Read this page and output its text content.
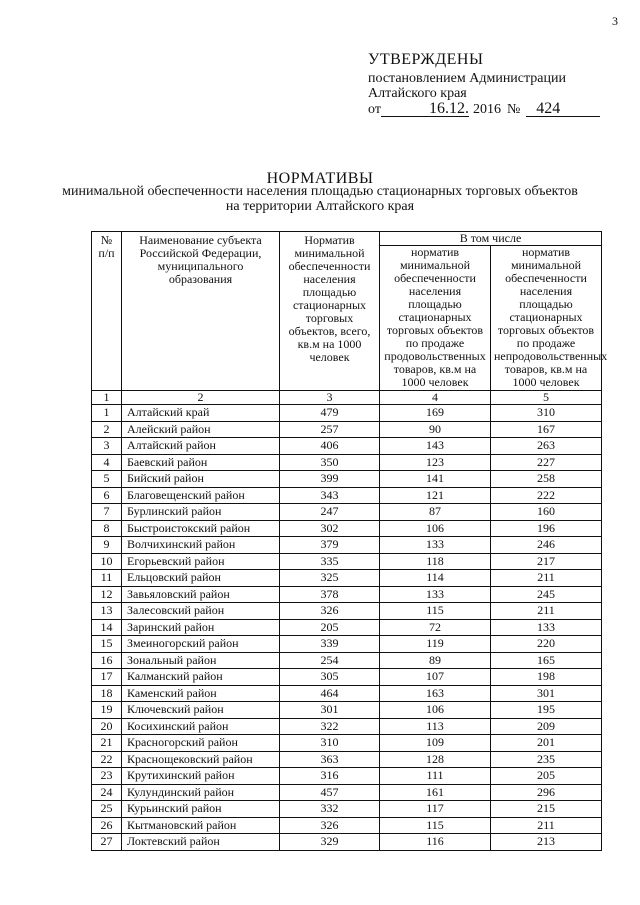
3
УТВЕРЖДЕНЫ
постановлением Администрации
Алтайского края
от	16.12. 2016 №	424
НОРМАТИВЫ
минимальной обеспеченности населения площадью стационарных торговых объектов на территории Алтайского края
№ п/п	Наименование субъекта Российской Федерации, муниципального образования	Норматив минимальной обеспеченности населения площадью стационарных торговых объектов, всего, кв.м на 1000 человек	В том числе	
			норматив минимальной обеспеченности населения площадью стационарных торговых объектов по продаже продовольственных товаров, кв.м на 1000 человек	норматив минимальной обеспеченности населения площадью стационарных торговых объектов по продаже непродовольственных товаров, кв.м на 1000 человек
1	2	3	4	5
1	Алтайский край	479	169	310
2	Алейский район	257	90	167
3	Алтайский район	406	143	263
4	Баевский район	350	123	227
5	Бийский район	399	141	258
6	Благовещенский район	343	121	222
7	Бурлинский район	247	87	160
8	Быстроистокский район	302	106	196
9	Волчихинский район	379	133	246
10	Егорьевский район	335	118	217
11	Ельцовский район	325	114	211
12	Завьяловский район	378	133	245
13	Залесовский район	326	115	211
14	Заринский район	205	72	133
15	Змеиногорский район	339	119	220
16	Зональный район	254	89	165
17	Калманский район	305	107	198
18	Каменский район	464	163	301
19	Ключевский район	301	106	195
20	Косихинский район	322	113	209
21	Красногорский район	310	109	201
22	Краснощековский район	363	128	235
23	Крутихинский район	316	111	205
24	Кулундинский район	457	161	296
25	Курьинский район	332	117	215
26	Кытмановский район	326	115	211
27	Локтевский район	329	116	213
